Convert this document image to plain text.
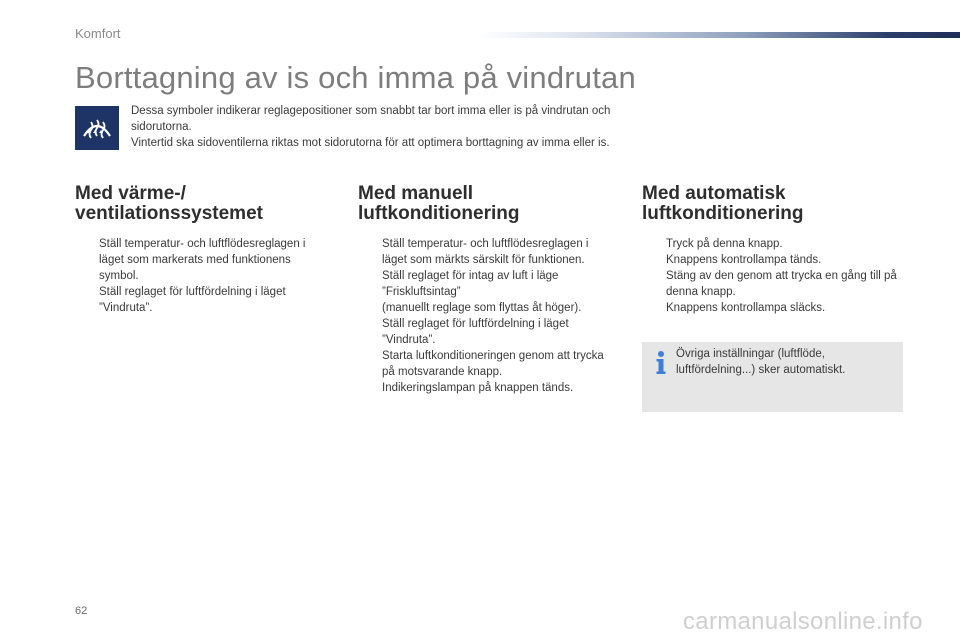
Komfort
Borttagning av is och imma på vindrutan

Dessa symboler indikerar reglagepositioner som snabbt tar bort imma eller is på vindrutan och sidorutorna.

Vintertid ska sidoventilerna riktas mot sidorutorna för att optimera borttagning av imma eller is.

Med värme-/
ventilationssystemet
Ställ temperatur- och luftflödesreglagen i läget som markerats med funktionens symbol.
Ställ reglaget för luftfördelning i läget ”Vindruta”.
Med manuell
luftkonditionering
Ställ temperatur- och luftflödesreglagen i läget som märkts särskilt för funktionen.
Ställ reglaget för intag av luft i läge ”Friskluftsintag”
(manuellt reglage som flyttas åt höger).
Ställ reglaget för luftfördelning i läget ”Vindruta”.
Starta luftkonditioneringen genom att trycka på motsvarande knapp.
Indikeringslampan på knappen tänds.
Med automatisk
luftkonditionering
Tryck på denna knapp.
Knappens kontrollampa tänds.
Stäng av den genom att trycka en gång till på denna knapp.
Knappens kontrollampa släcks.
Övriga inställningar (luftflöde, luftfördelning...) sker automatiskt.
62	carmanualsonline.info
